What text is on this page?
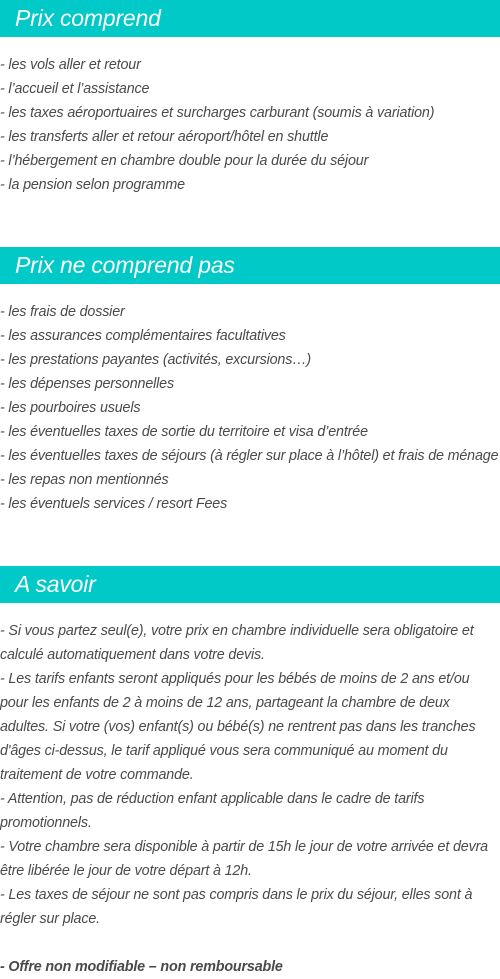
Prix comprend
- les vols aller et retour
- l’accueil et l’assistance
- les taxes aéroportuaires et surcharges carburant (soumis à variation)
- les transferts aller et retour aéroport/hôtel en shuttle
- l’hébergement en chambre double pour la durée du séjour
- la pension selon programme
Prix ne comprend pas
- les frais de dossier
- les assurances complémentaires facultatives
- les prestations payantes (activités, excursions…)
- les dépenses personnelles
- les pourboires usuels
- les éventuelles taxes de sortie du territoire et visa d’entrée
- les éventuelles taxes de séjours (à régler sur place à l’hôtel) et frais de ménage
- les repas non mentionnés
- les éventuels services / resort Fees
A savoir

- Si vous partez seul(e), votre prix en chambre individuelle sera obligatoire et calculé automatiquement dans votre devis.

- Les tarifs enfants seront appliqués pour les bébés de moins de 2 ans et/ou pour les enfants de 2 à moins de 12 ans, partageant la chambre de deux adultes. Si votre (vos) enfant(s) ou bébé(s) ne rentrent pas dans les tranches d'âges ci-dessus, le tarif appliqué vous sera communiqué au moment du traitement de votre commande.

- Attention, pas de réduction enfant applicable dans le cadre de tarifs promotionnels.

- Votre chambre sera disponible à partir de 15h le jour de votre arrivée et devra être libérée le jour de votre départ à 12h.

- Les taxes de séjour ne sont pas compris dans le prix du séjour, elles sont à régler sur place.

- Offre non modifiable – non remboursable
